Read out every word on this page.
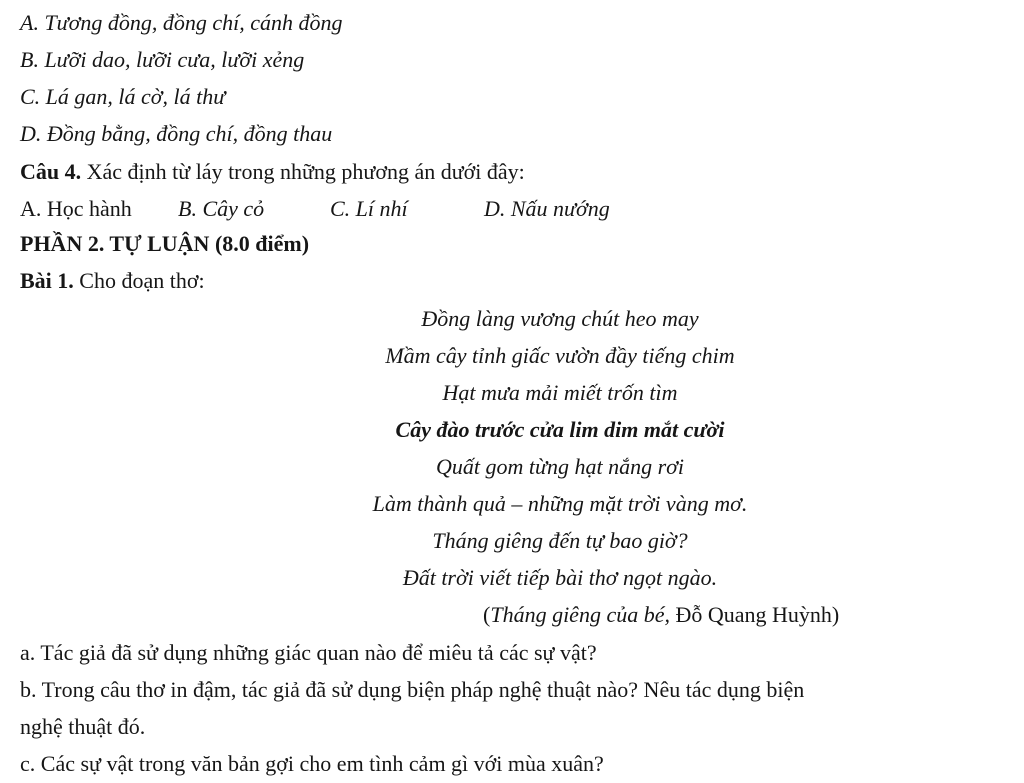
A. Tương đồng, đồng chí, cánh đồng
B. Lưỡi dao, lưỡi cưa, lưỡi xẻng
C. Lá gan, lá cờ, lá thư
D. Đồng bằng, đồng chí, đồng thau
Câu 4. Xác định từ láy trong những phương án dưới đây:
A. Học hành B. Cây cỏ	C. Lí nhí	D. Nấu nướng
PHẦN 2. TỰ LUẬN (8.0 điểm)
Bài 1. Cho đoạn thơ:
Đồng làng vương chút heo may
Mầm cây tỉnh giấc vườn đầy tiếng chim
Hạt mưa mải miết trốn tìm
Cây đào trước cửa lim dim mắt cười
Quất gom từng hạt nắng rơi
Làm thành quả – những mặt trời vàng mơ.
Tháng giêng đến tự bao giờ?
Đất trời viết tiếp bài thơ ngọt ngào.
(Tháng giêng của bé, Đỗ Quang Huỳnh)
a. Tác giả đã sử dụng những giác quan nào để miêu tả các sự vật?
b. Trong câu thơ in đậm, tác giả đã sử dụng biện pháp nghệ thuật nào? Nêu tác dụng biện
nghệ thuật đó.
c. Các sự vật trong văn bản gợi cho em tình cảm gì với mùa xuân?
